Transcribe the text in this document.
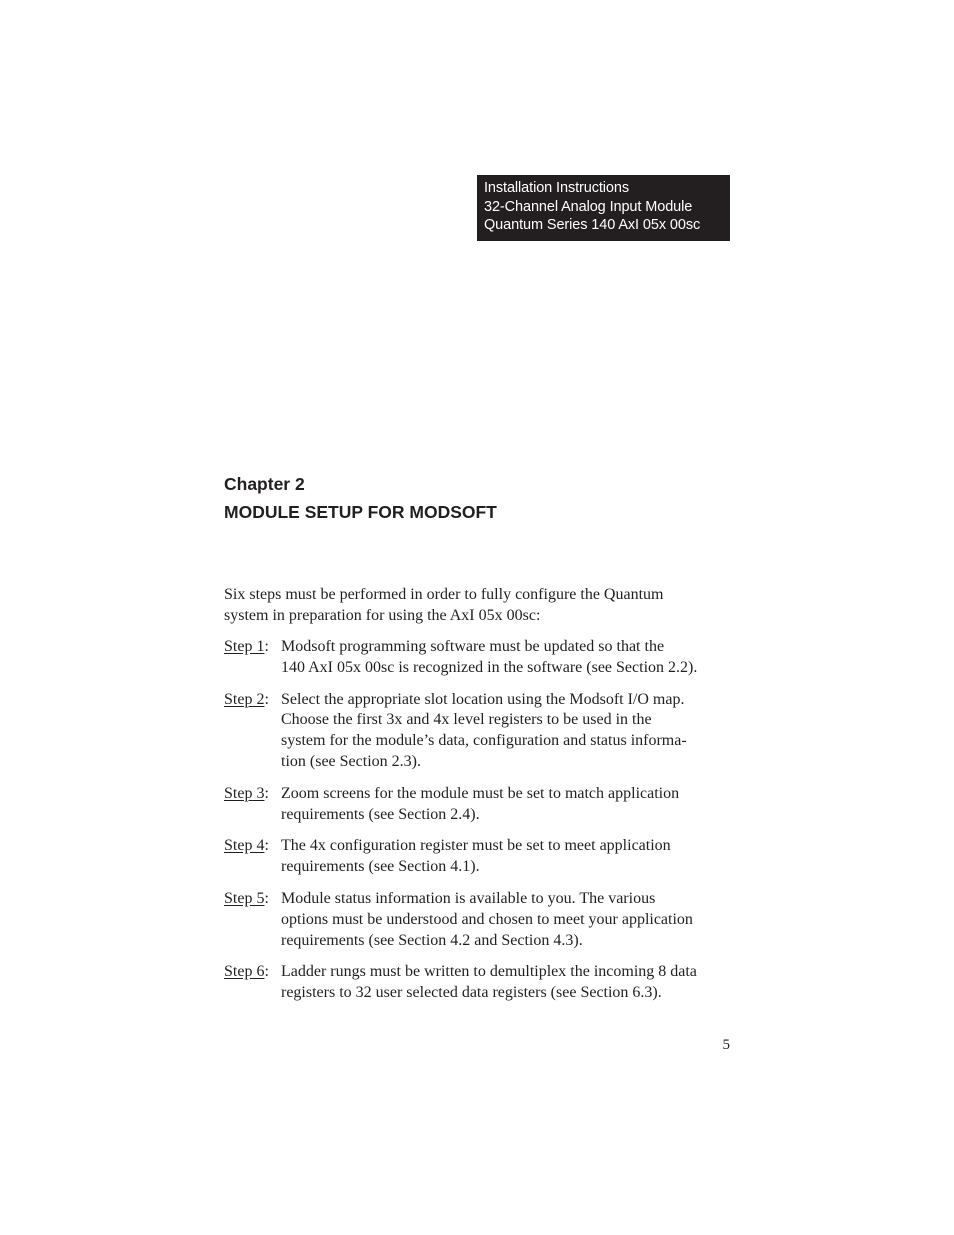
Installation Instructions
32-Channel Analog Input Module
Quantum Series 140 AxI 05x 00sc
Chapter 2
MODULE SETUP FOR MODSOFT

Six steps must be performed in order to fully configure the Quantum
system in preparation for using the AxI 05x 00sc:

Step 1: Modsoft programming software must be updated so that the
140 AxI 05x 00sc is recognized in the software (see Section 2.2).
Step 2: Select the appropriate slot location using the Modsoft I/O map.
Choose the first 3x and 4x level registers to be used in the
system for the module’s data, configuration and status informa-
tion (see Section 2.3).
Step 3: Zoom screens for the module must be set to match application
requirements (see Section 2.4).
Step 4: The 4x configuration register must be set to meet application
requirements (see Section 4.1).
Step 5: Module status information is available to you. The various
options must be understood and chosen to meet your application
requirements (see Section 4.2 and Section 4.3).
Step 6: Ladder rungs must be written to demultiplex the incoming 8 data
registers to 32 user selected data registers (see Section 6.3).
5
